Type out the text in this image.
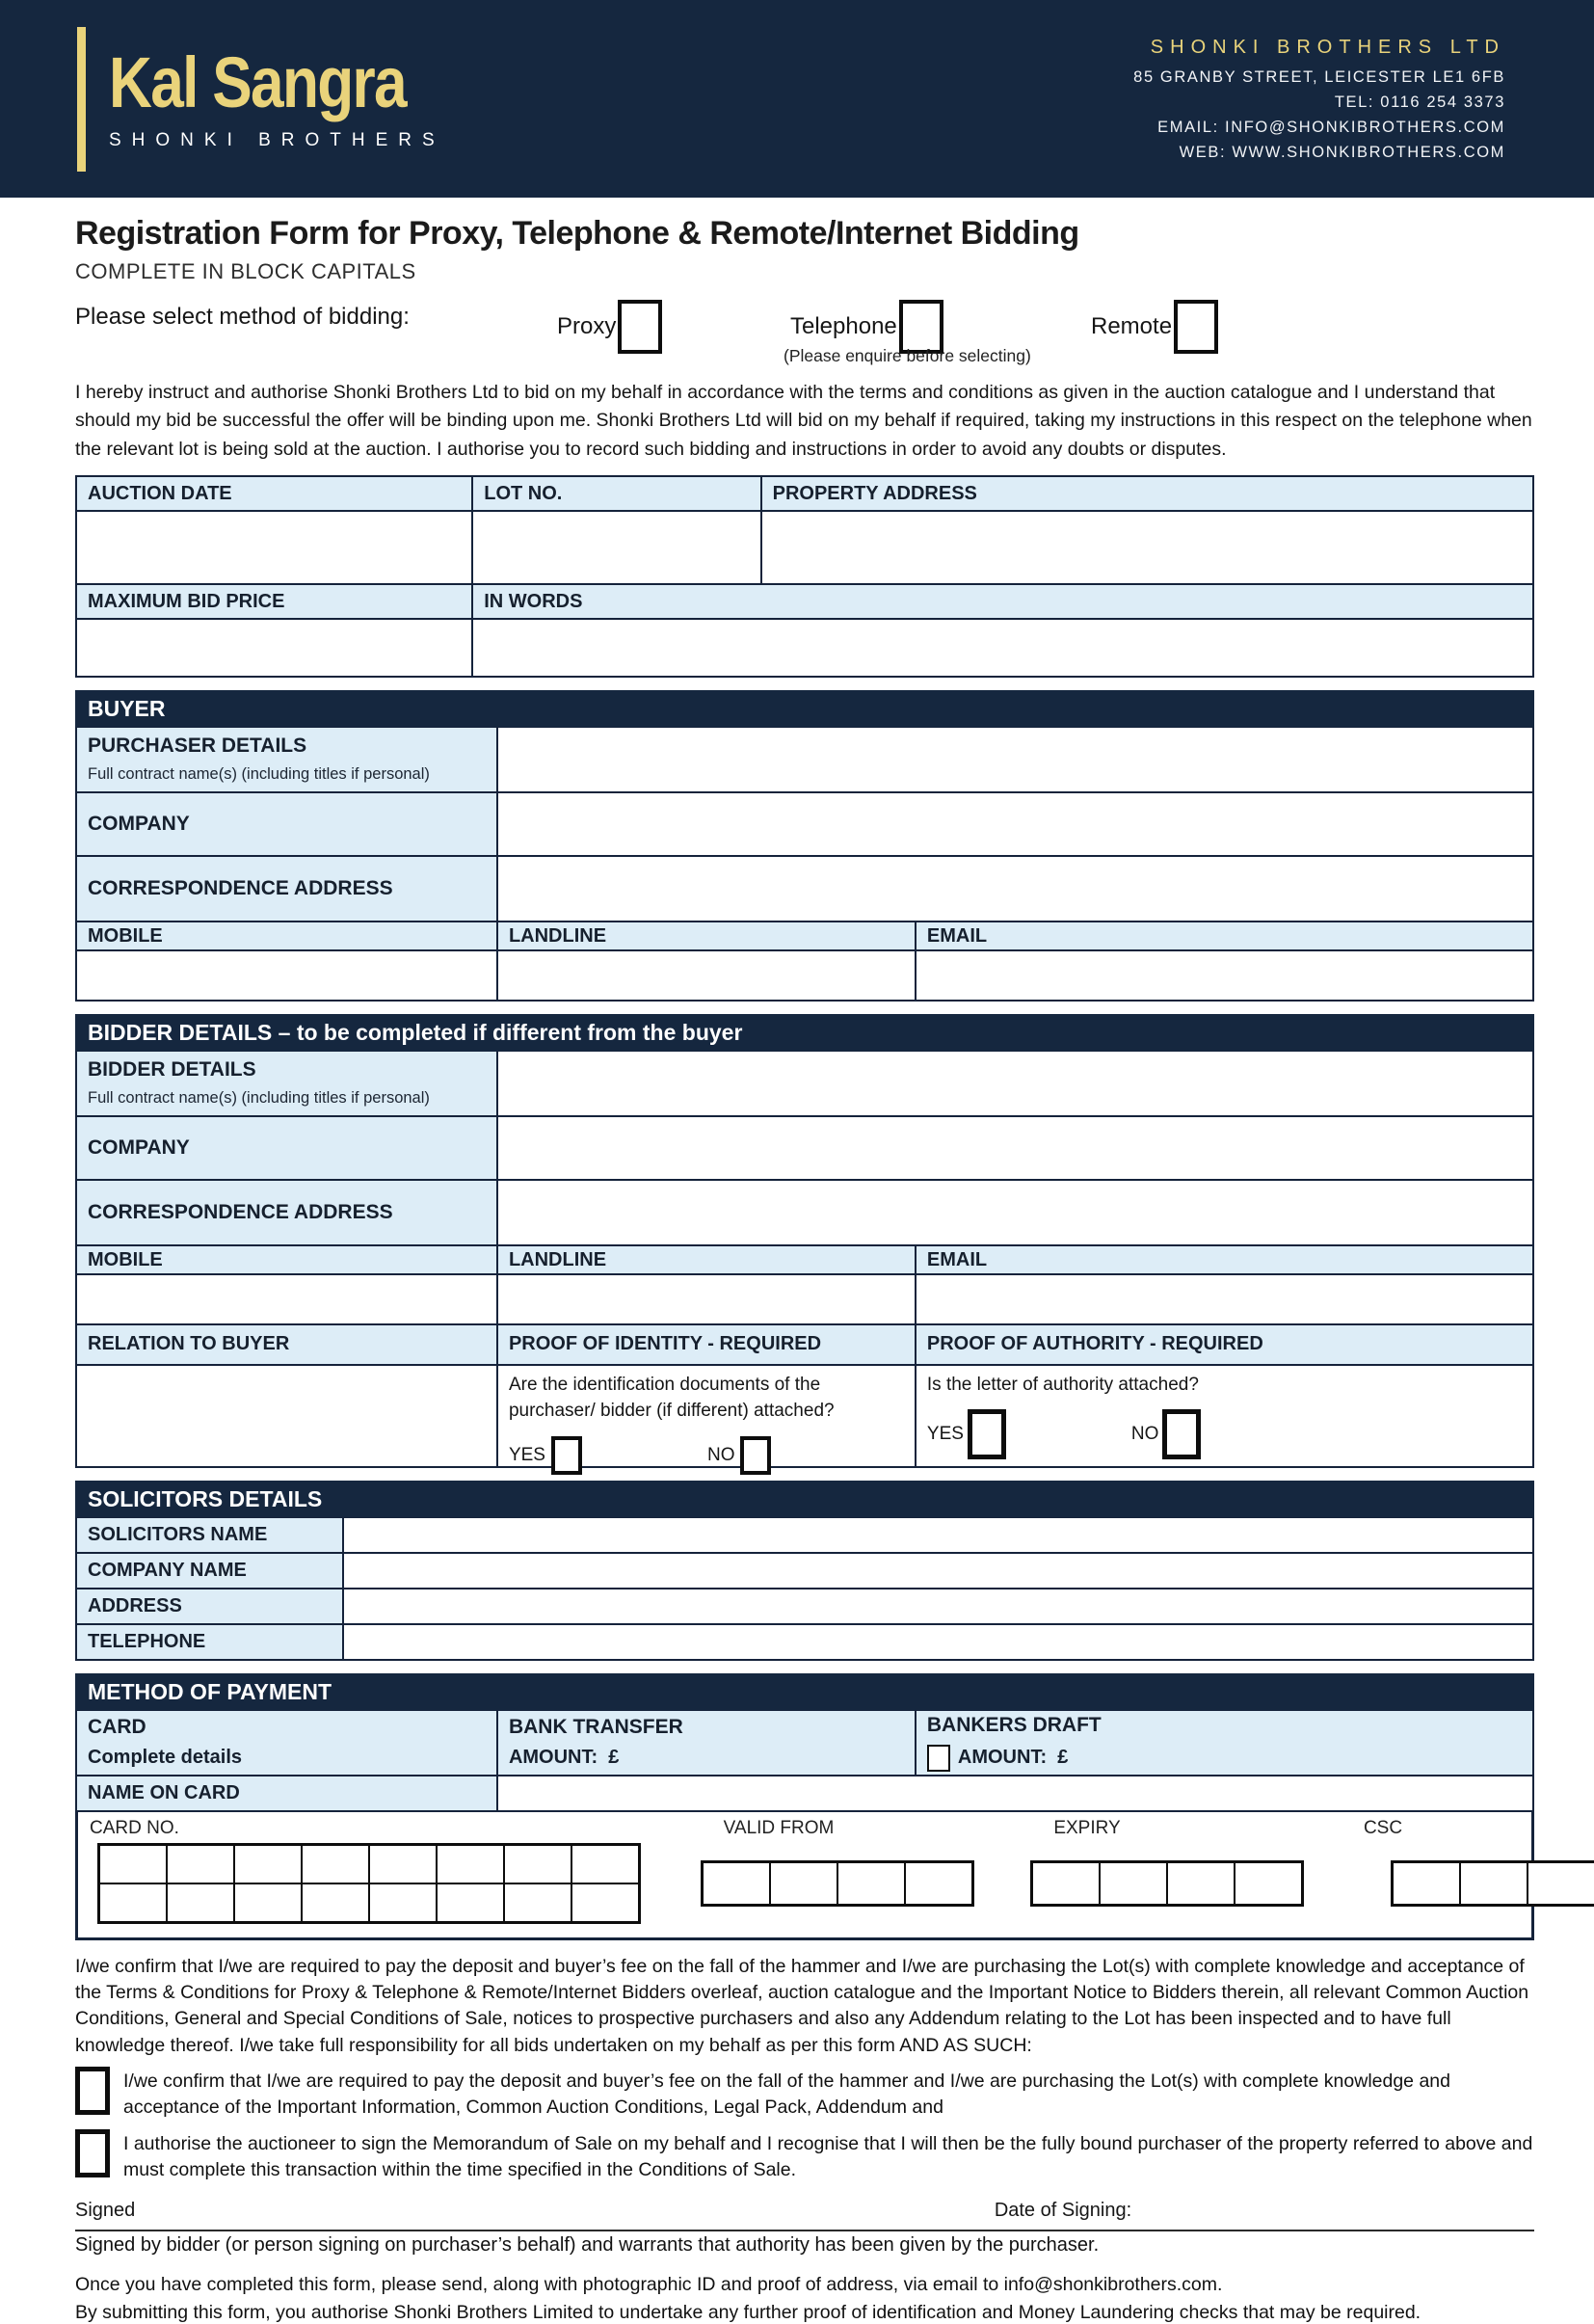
Kal Sangra
SHONKI BROTHERS
SHONKI BROTHERS LTD
85 GRANBY STREET, LEICESTER LE1 6FB
TEL: 0116 254 3373
EMAIL: INFO@SHONKIBROTHERS.COM
WEB: WWW.SHONKIBROTHERS.COM
Registration Form for Proxy, Telephone & Remote/Internet Bidding
COMPLETE IN BLOCK CAPITALS
Please select method of bidding:	Proxy	Telephone
(Please enquire before selecting)
Remote

I hereby instruct and authorise Shonki Brothers Ltd to bid on my behalf in accordance with the terms and conditions as given in the auction catalogue and I understand that should my bid be successful the offer will be binding upon me. Shonki Brothers Ltd will bid on my behalf if required, taking my instructions in this respect on the telephone when the relevant lot is being sold at the auction. I authorise you to record such bidding and instructions in order to avoid any doubts or disputes.

AUCTION DATE	LOT NO.	PROPERTY ADDRESS
MAXIMUM BID PRICE	IN WORDS
BUYER
PURCHASER DETAILS
Full contract name(s) (including titles if personal)
COMPANY
CORRESPONDENCE ADDRESS
MOBILE	LANDLINE	EMAIL
BIDDER DETAILS – to be completed if different from the buyer
BIDDER DETAILS
Full contract name(s) (including titles if personal)
COMPANY
CORRESPONDENCE ADDRESS
MOBILE	LANDLINE	EMAIL
RELATION TO BUYER	PROOF OF IDENTITY - REQUIRED	PROOF OF AUTHORITY - REQUIRED
Are the identification documents of the purchaser/ bidder (if different) attached?
YES	NO
Is the letter of authority attached?
YES	NO
SOLICITORS DETAILS
SOLICITORS NAME
COMPANY NAME
ADDRESS
TELEPHONE
METHOD OF PAYMENT
CARD
Complete details
BANK TRANSFER
AMOUNT:  £
BANKERS DRAFT
AMOUNT:  £
NAME ON CARD
CARD NO.	VALID FROM	EXPIRY	CSC

I/we confirm that I/we are required to pay the deposit and buyer’s fee on the fall of the hammer and I/we are purchasing the Lot(s) with complete knowledge and acceptance of the Terms & Conditions for Proxy & Telephone & Remote/Internet Bidders overleaf, auction catalogue and the Important Notice to Bidders therein, all relevant Common Auction Conditions, General and Special Conditions of Sale, notices to prospective purchasers and also any Addendum relating to the Lot has been inspected and to have full knowledge thereof. I/we take full responsibility for all bids undertaken on my behalf as per this form AND AS SUCH:

I/we confirm that I/we are required to pay the deposit and buyer’s fee on the fall of the hammer and I/we are purchasing the Lot(s) with complete knowledge and acceptance of the Important Information, Common Auction Conditions, Legal Pack, Addendum and

I authorise the auctioneer to sign the Memorandum of Sale on my behalf and I recognise that I will then be the fully bound purchaser of the property referred to above and must complete this transaction within the time specified in the Conditions of Sale.

Signed	Date of Signing:
Signed by bidder (or person signing on purchaser’s behalf) and warrants that authority has been given by the purchaser.
Once you have completed this form, please send, along with photographic ID and proof of address, via email to info@shonkibrothers.com.
By submitting this form, you authorise Shonki Brothers Limited to undertake any further proof of identification and Money Laundering checks that may be required.
